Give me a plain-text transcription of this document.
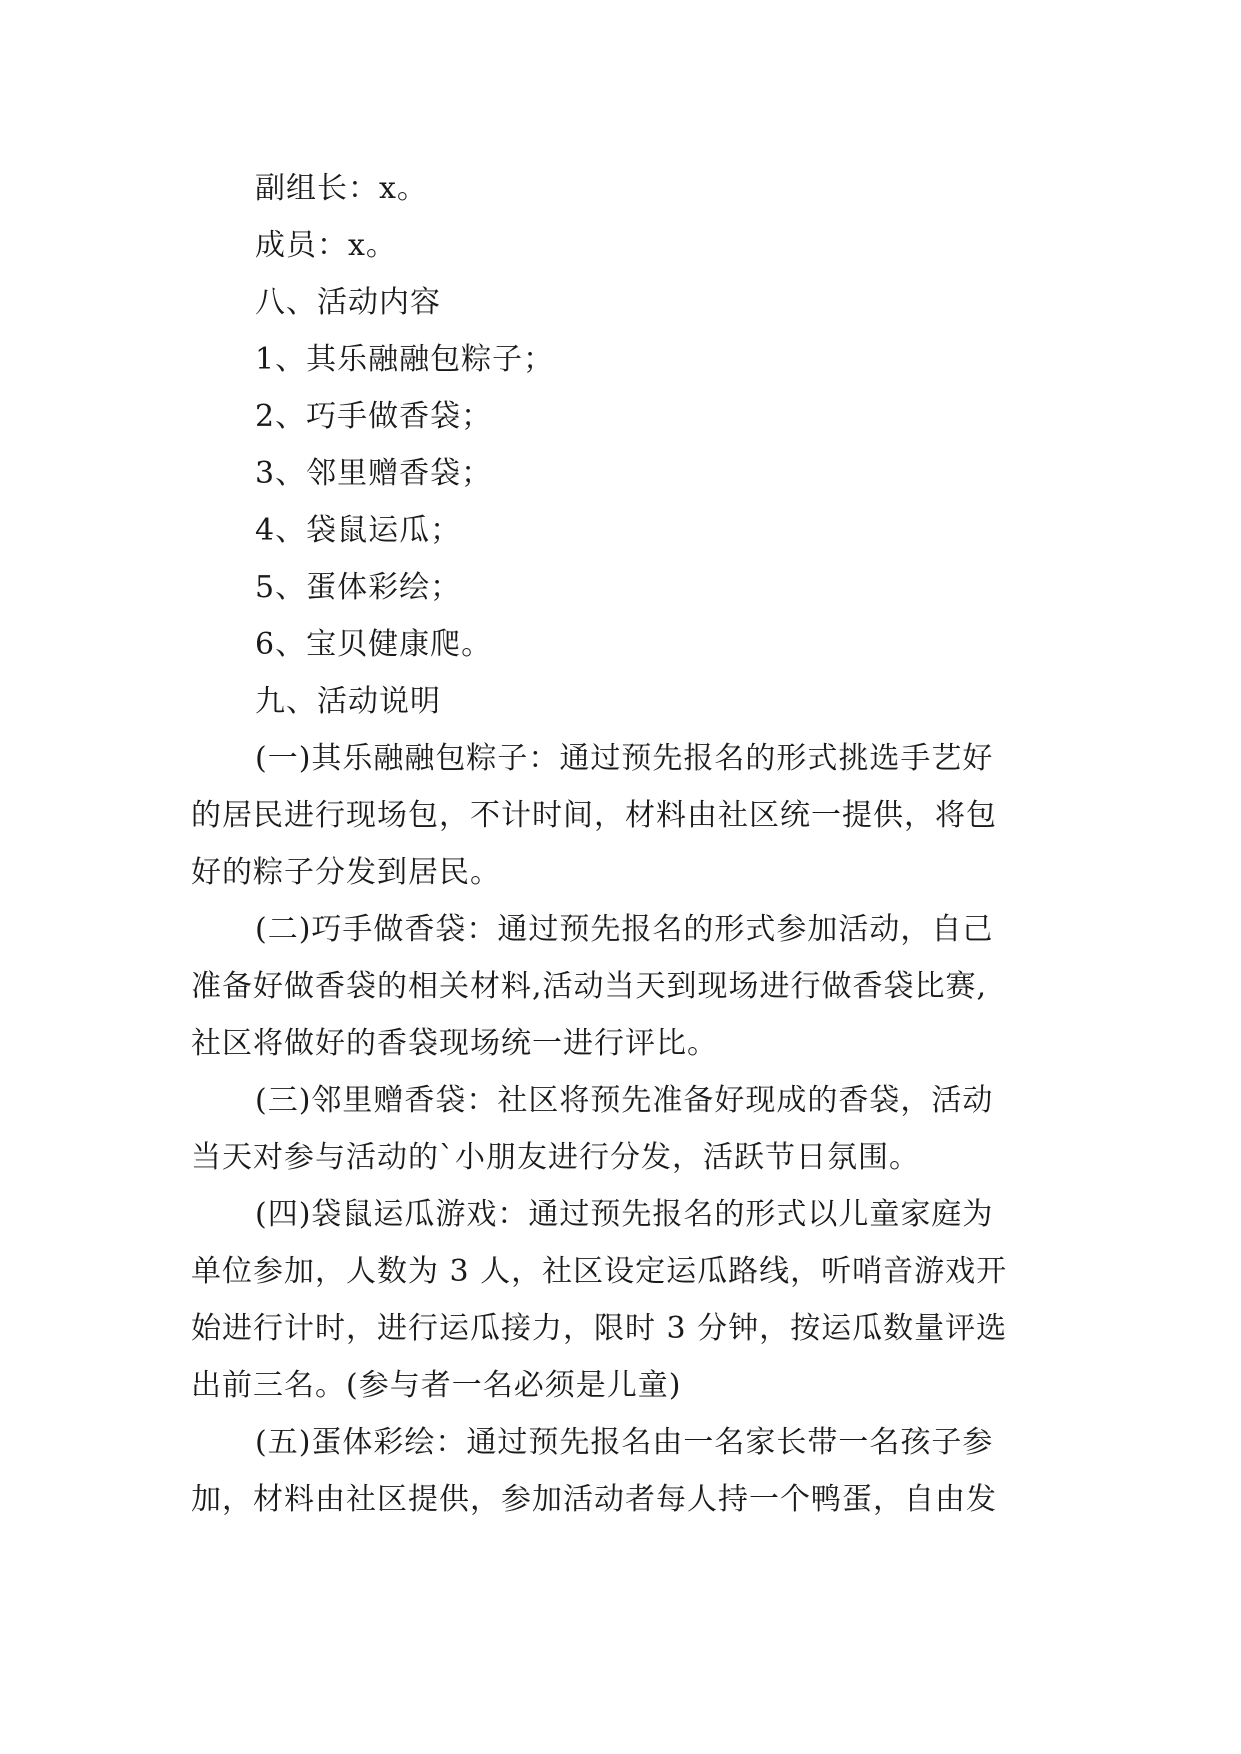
副组长：x。
成员：x。
八、活动内容
1、其乐融融包粽子；
2、巧手做香袋；
3、邻里赠香袋；
4、袋鼠运瓜；
5、蛋体彩绘；
6、宝贝健康爬。
九、活动说明
(一)其乐融融包粽子：通过预先报名的形式挑选手艺好
的居民进行现场包，不计时间，材料由社区统一提供，将包
好的粽子分发到居民。
(二)巧手做香袋：通过预先报名的形式参加活动，自己
准备好做香袋的相关材料,活动当天到现场进行做香袋比赛,
社区将做好的香袋现场统一进行评比。
(三)邻里赠香袋：社区将预先准备好现成的香袋，活动
当天对参与活动的`小朋友进行分发，活跃节日氛围。
(四)袋鼠运瓜游戏：通过预先报名的形式以儿童家庭为
单位参加，人数为 3 人，社区设定运瓜路线，听哨音游戏开
始进行计时，进行运瓜接力，限时 3 分钟，按运瓜数量评选
出前三名。(参与者一名必须是儿童)
(五)蛋体彩绘：通过预先报名由一名家长带一名孩子参
加，材料由社区提供，参加活动者每人持一个鸭蛋，自由发
